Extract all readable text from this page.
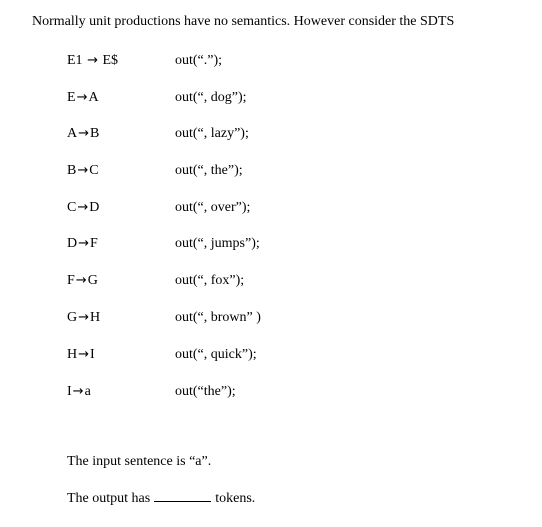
Normally unit productions have no semantics. However consider the SDTS
E1 → E$	out(“.”);
E→A	out(“, dog”);
A→B	out(“, lazy”);
B→C	out(“, the”);
C→D	out(“, over”);
D→F	out(“, jumps”);
F→G	out(“, fox”);
G→H	out(“, brown” )
H→I	out(“, quick”);
I→a	out(“the”);
The input sentence is “a”.
The output has	tokens.
